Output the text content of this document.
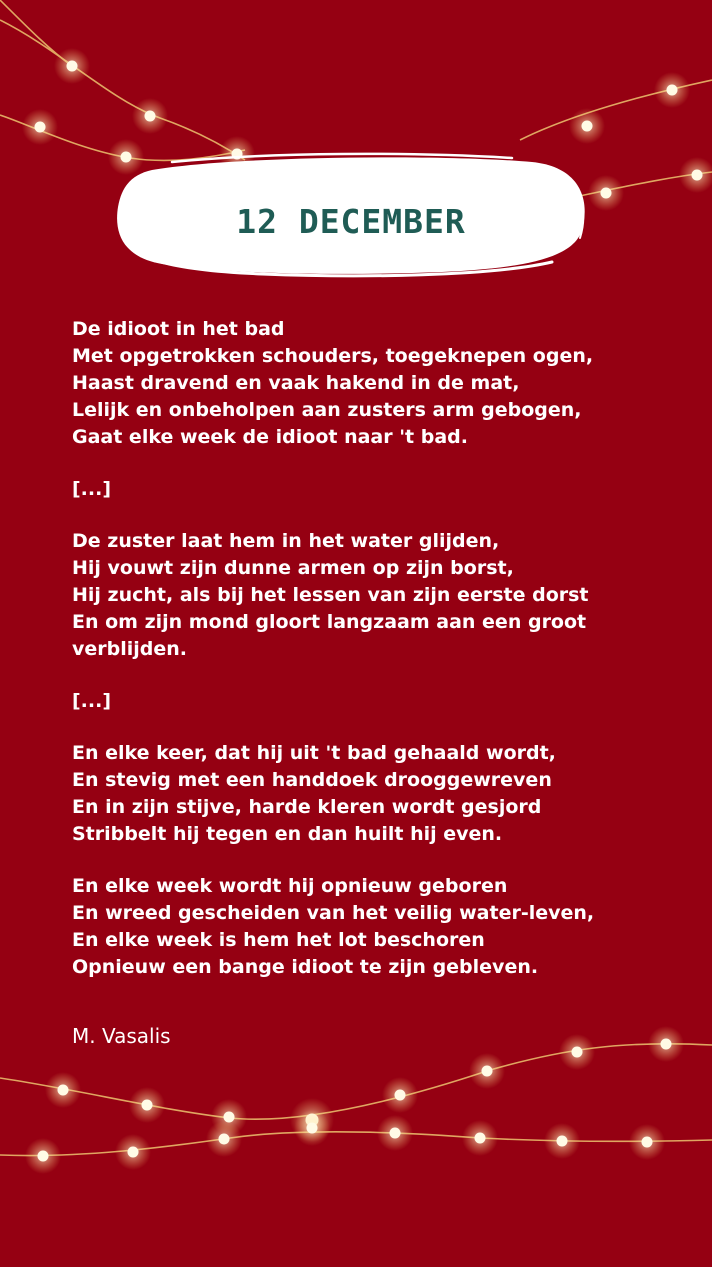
12 DECEMBER
De idioot in het bad
Met opgetrokken schouders, toegeknepen ogen,
Haast dravend en vaak hakend in de mat,
Lelijk en onbeholpen aan zusters arm gebogen,
Gaat elke week de idioot naar 't bad.
[...]
De zuster laat hem in het water glijden,
Hij vouwt zijn dunne armen op zijn borst,
Hij zucht, als bij het lessen van zijn eerste dorst
En om zijn mond gloort langzaam aan een groot
verblijden.
[...]
En elke keer, dat hij uit 't bad gehaald wordt,
En stevig met een handdoek drooggewreven
En in zijn stijve, harde kleren wordt gesjord
Stribbelt hij tegen en dan huilt hij even.
En elke week wordt hij opnieuw geboren
En wreed gescheiden van het veilig water-leven,
En elke week is hem het lot beschoren
Opnieuw een bange idioot te zijn gebleven.
M. Vasalis
